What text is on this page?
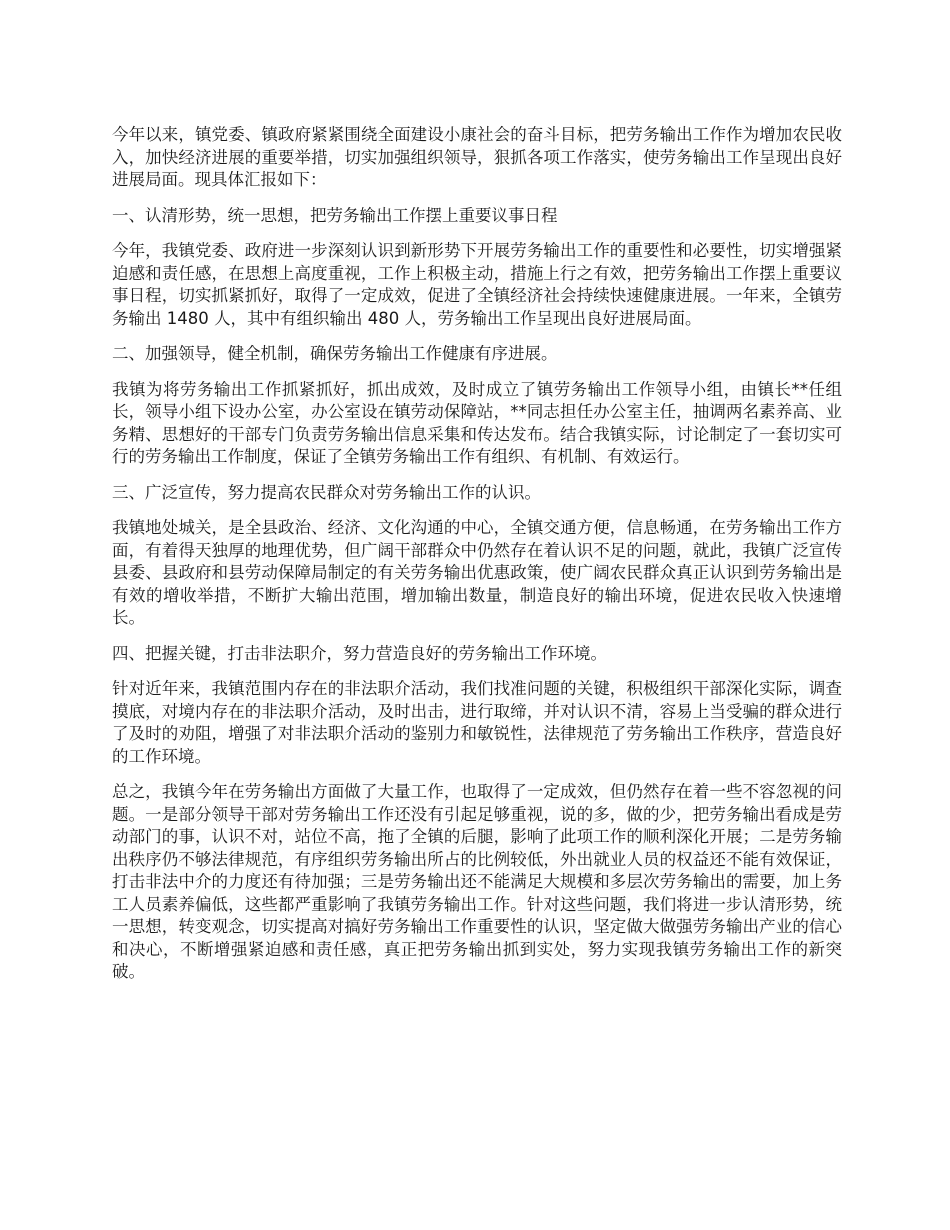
今年以来，镇党委、镇政府紧紧围绕全面建设小康社会的奋斗目标，把劳务输出工作作为增加农民收入，加快经济进展的重要举措，切实加强组织领导，狠抓各项工作落实，使劳务输出工作呈现出良好进展局面。现具体汇报如下：

一、认清形势，统一思想，把劳务输出工作摆上重要议事日程

今年，我镇党委、政府进一步深刻认识到新形势下开展劳务输出工作的重要性和必要性，切实增强紧迫感和责任感，在思想上高度重视，工作上积极主动，措施上行之有效，把劳务输出工作摆上重要议事日程，切实抓紧抓好，取得了一定成效，促进了全镇经济社会持续快速健康进展。一年来，全镇劳务输出 1480 人，其中有组织输出 480 人，劳务输出工作呈现出良好进展局面。

二、加强领导，健全机制，确保劳务输出工作健康有序进展。

我镇为将劳务输出工作抓紧抓好，抓出成效，及时成立了镇劳务输出工作领导小组，由镇长**任组长，领导小组下设办公室，办公室设在镇劳动保障站，**同志担任办公室主任，抽调两名素养高、业务精、思想好的干部专门负责劳务输出信息采集和传达发布。结合我镇实际，讨论制定了一套切实可行的劳务输出工作制度，保证了全镇劳务输出工作有组织、有机制、有效运行。

三、广泛宣传，努力提高农民群众对劳务输出工作的认识。

我镇地处城关，是全县政治、经济、文化沟通的中心，全镇交通方便，信息畅通，在劳务输出工作方面，有着得天独厚的地理优势，但广阔干部群众中仍然存在着认识不足的问题，就此，我镇广泛宣传县委、县政府和县劳动保障局制定的有关劳务输出优惠政策，使广阔农民群众真正认识到劳务输出是有效的增收举措，不断扩大输出范围，增加输出数量，制造良好的输出环境，促进农民收入快速增长。

四、把握关键，打击非法职介，努力营造良好的劳务输出工作环境。

针对近年来，我镇范围内存在的非法职介活动，我们找准问题的关键，积极组织干部深化实际，调查摸底，对境内存在的非法职介活动，及时出击，进行取缔，并对认识不清，容易上当受骗的群众进行了及时的劝阻，增强了对非法职介活动的鉴别力和敏锐性，法律规范了劳务输出工作秩序，营造良好的工作环境。

总之，我镇今年在劳务输出方面做了大量工作，也取得了一定成效，但仍然存在着一些不容忽视的问题。一是部分领导干部对劳务输出工作还没有引起足够重视，说的多，做的少，把劳务输出看成是劳动部门的事，认识不对，站位不高，拖了全镇的后腿，影响了此项工作的顺利深化开展；二是劳务输出秩序仍不够法律规范，有序组织劳务输出所占的比例较低，外出就业人员的权益还不能有效保证，打击非法中介的力度还有待加强；三是劳务输出还不能满足大规模和多层次劳务输出的需要，加上务工人员素养偏低，这些都严重影响了我镇劳务输出工作。针对这些问题，我们将进一步认清形势，统一思想，转变观念，切实提高对搞好劳务输出工作重要性的认识，坚定做大做强劳务输出产业的信心和决心，不断增强紧迫感和责任感，真正把劳务输出抓到实处，努力实现我镇劳务输出工作的新突破。
